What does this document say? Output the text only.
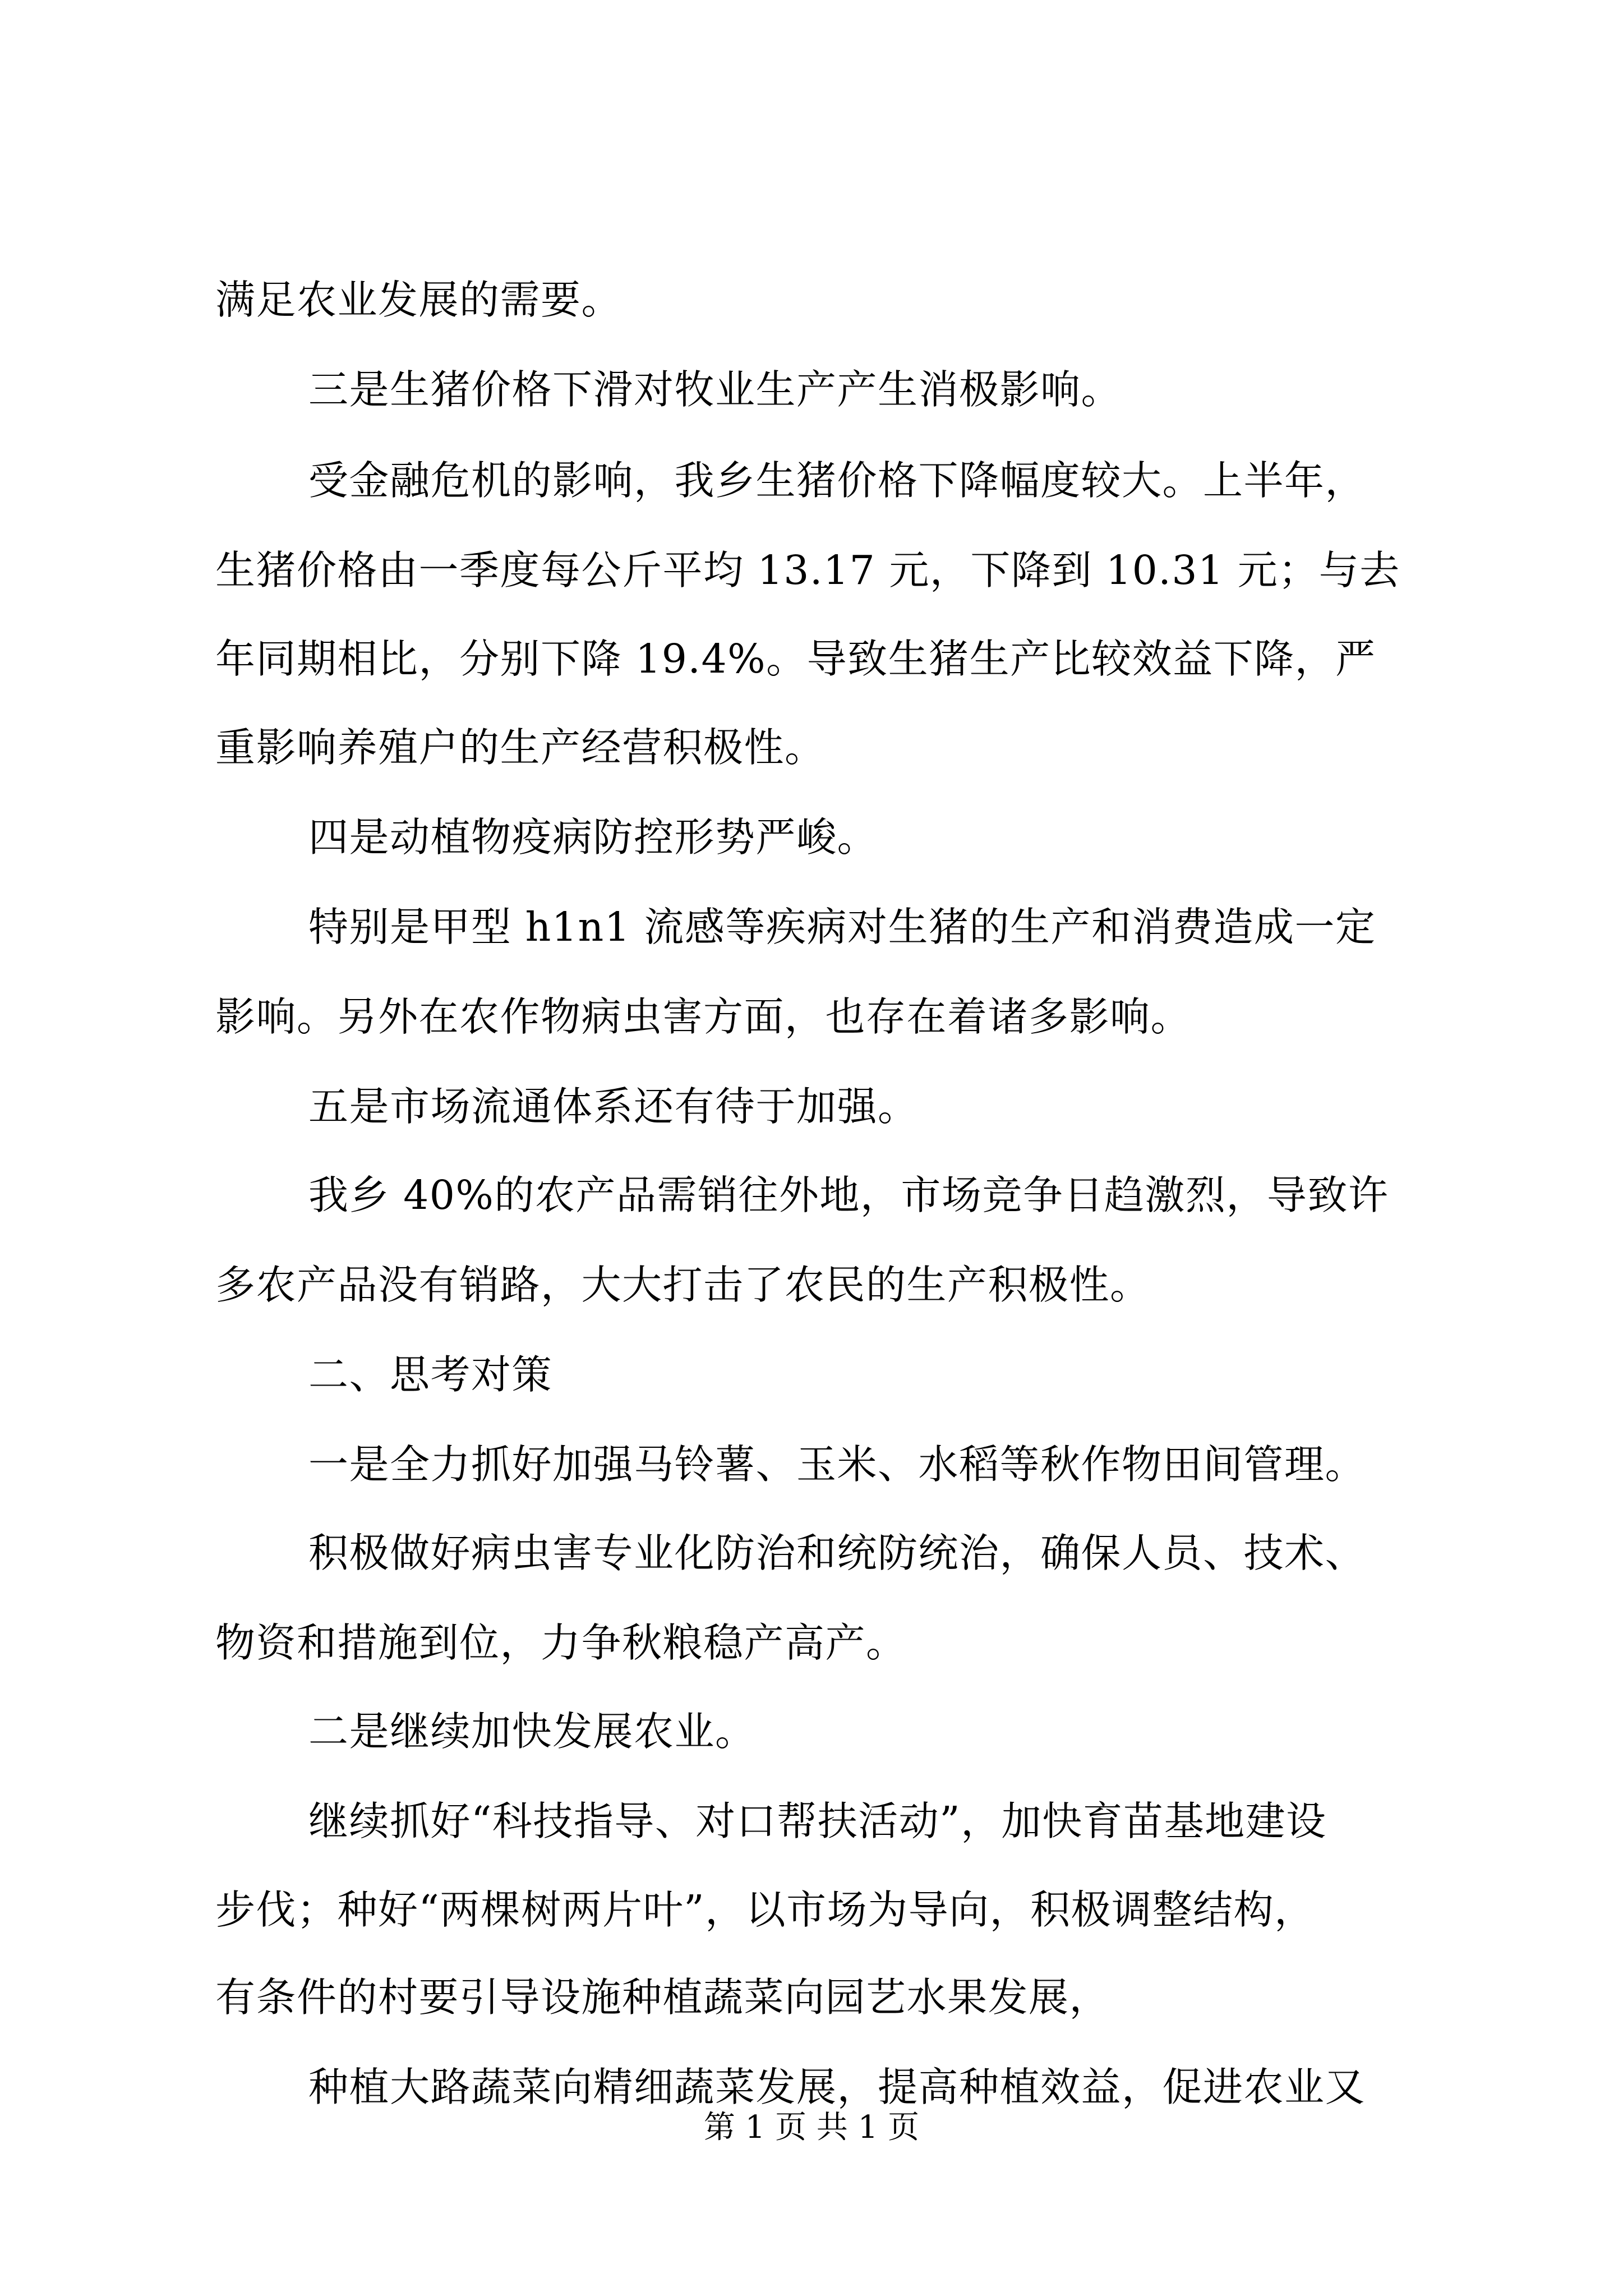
满足农业发展的需要。
三是生猪价格下滑对牧业生产产生消极影响。
受金融危机的影响，我乡生猪价格下降幅度较大。上半年，
生猪价格由一季度每公斤平均 13.17 元，下降到 10.31 元；与去
年同期相比，分别下降 19.4%。导致生猪生产比较效益下降，严
重影响养殖户的生产经营积极性。
四是动植物疫病防控形势严峻。
特别是甲型 h1n1 流感等疾病对生猪的生产和消费造成一定
影响。另外在农作物病虫害方面，也存在着诸多影响。
五是市场流通体系还有待于加强。
我乡 40%的农产品需销往外地，市场竞争日趋激烈，导致许
多农产品没有销路，大大打击了农民的生产积极性。
二、思考对策
一是全力抓好加强马铃薯、玉米、水稻等秋作物田间管理。
积极做好病虫害专业化防治和统防统治，确保人员、技术、
物资和措施到位，力争秋粮稳产高产。
二是继续加快发展农业。
继续抓好“科技指导、对口帮扶活动”，加快育苗基地建设
步伐；种好“两棵树两片叶”，以市场为导向，积极调整结构，
有条件的村要引导设施种植蔬菜向园艺水果发展，
种植大路蔬菜向精细蔬菜发展，提高种植效益，促进农业又
第 1 页 共 1 页
